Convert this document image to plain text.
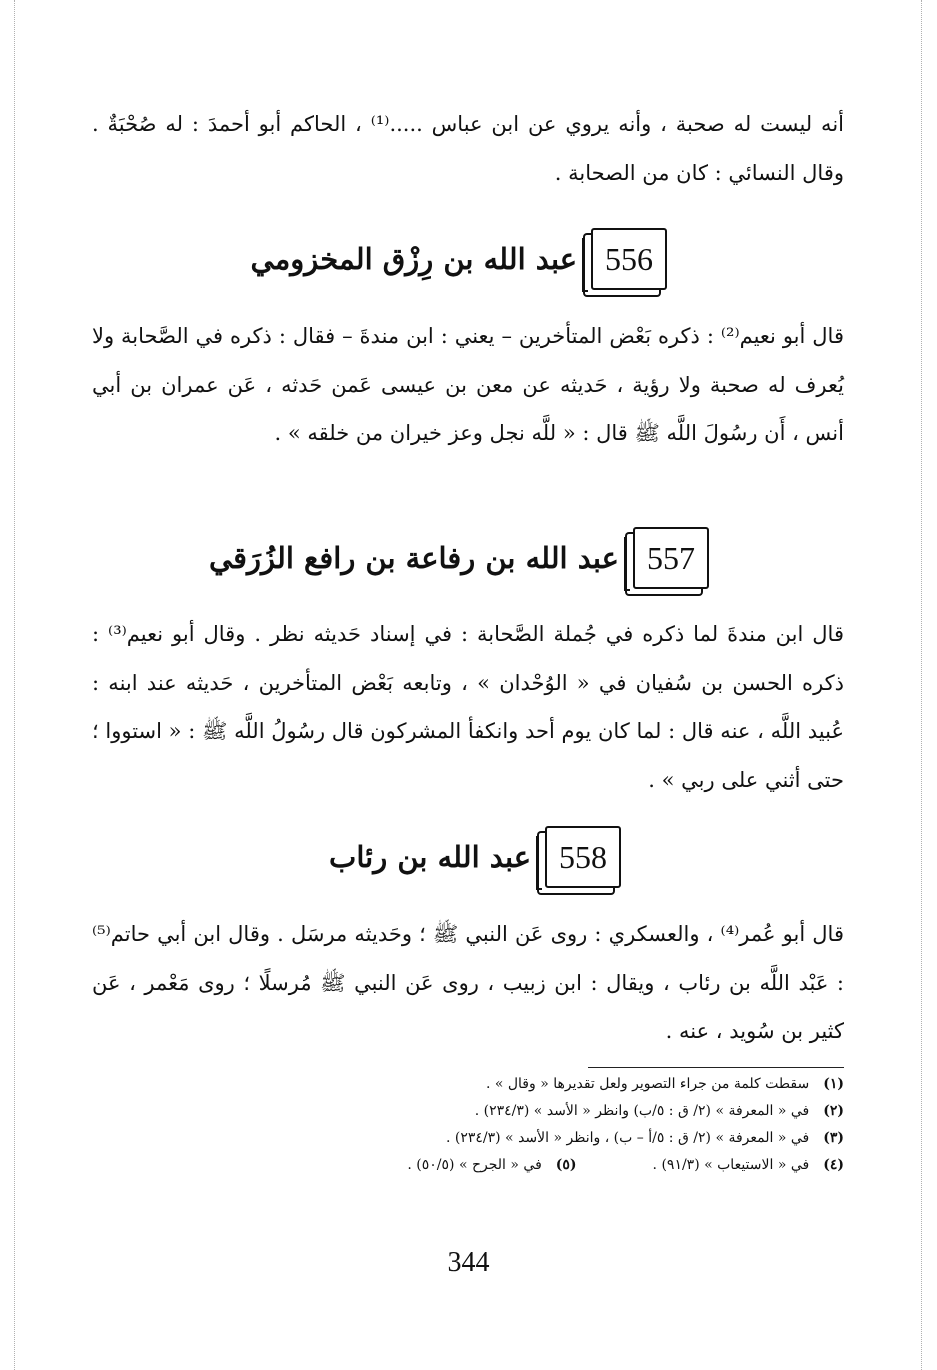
أنه ليست له صحبة ، وأنه يروي عن ابن عباس .....⁽¹⁾ ، الحاكم أبو أحمدَ : له صُحْبَةٌ . وقال النسائي : كان من الصحابة .
556
عبد الله بن رِزْق المخزومي
قال أبو نعيم⁽²⁾ : ذكره بَعْض المتأخرين – يعني : ابن مندةَ – فقال : ذكره في الصَّحابة ولا يُعرف له صحبة ولا رؤية ، حَديثه عن معن بن عيسى عَمن حَدثه ، عَن عمران بن أبي أنس ، أَن رسُولَ اللَّه ﷺ قال : « للَّه نجل وعز خيران من خلقه » .
557
عبد الله بن رفاعة بن رافع الزُرَقي
قال ابن مندةَ لما ذكره في جُملة الصَّحابة : في إسناد حَديثه نظر . وقال أبو نعيم⁽³⁾ : ذكره الحسن بن سُفيان في « الوُحْدان » ، وتابعه بَعْض المتأخرين ، حَديثه عند ابنه : عُبيد اللَّه ، عنه قال : لما كان يوم أحد وانكفأ المشركون قال رسُولُ اللَّه ﷺ : « استووا ؛ حتى أثني على ربي » .
558
عبد الله بن رئاب
قال أبو عُمر⁽⁴⁾ ، والعسكري : روى عَن النبي ﷺ ؛ وحَديثه مرسَل . وقال ابن أبي حاتم⁽⁵⁾ : عَبْد اللَّه بن رئاب ، ويقال : ابن زبيب ، روى عَن النبي ﷺ مُرسلًا ؛ روى مَعْمر ، عَن كثير بن سُويد ، عنه .
(١)
سقطت كلمة من جراء التصوير ولعل تقديرها « وقال » .
(٢)
في « المعرفة » (٢/ ق : ٥/ب) وانظر « الأسد » (٢٣٤/٣) .
(٣)
في « المعرفة » (٢/ ق : ٥/أ – ب) ، وانظر « الأسد » (٢٣٤/٣) .
(٤)
في « الاستيعاب » (٩١/٣) .
(٥)
في « الجرح » (٥٠/٥) .
344
